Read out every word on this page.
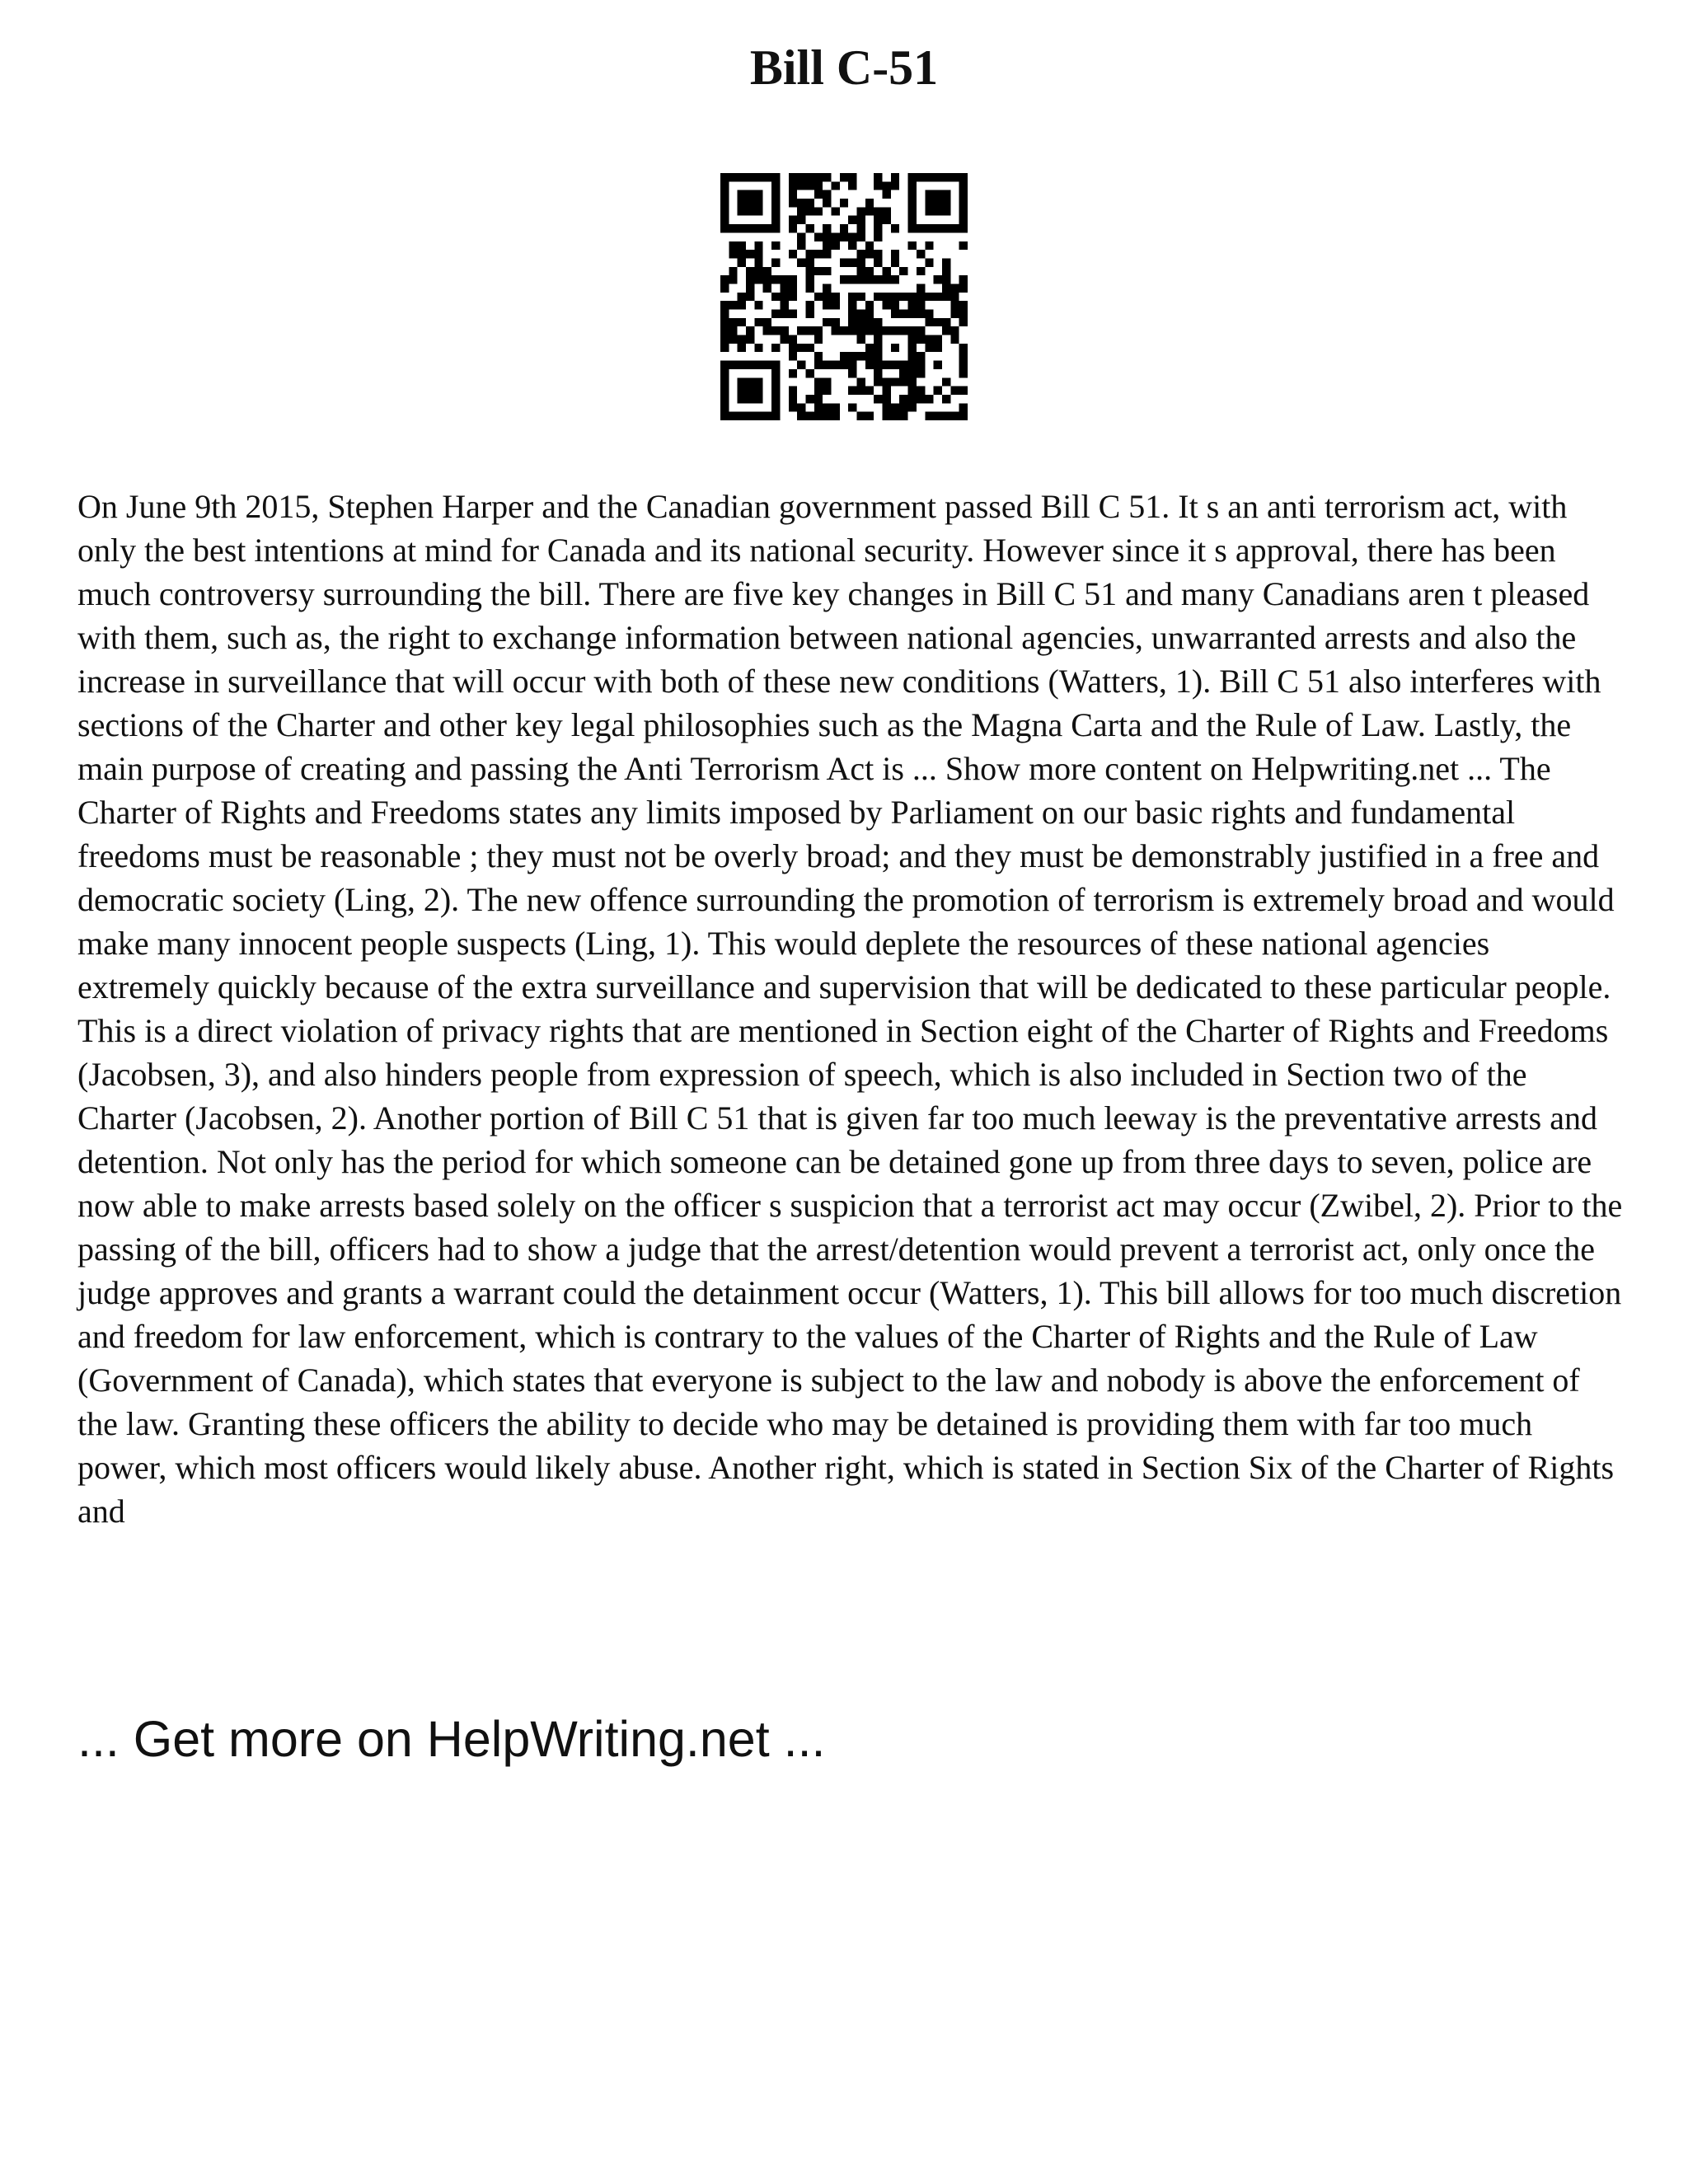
Bill C-51

On June 9th 2015, Stephen Harper and the Canadian government passed Bill C 51. It s an anti terrorism act, with only the best intentions at mind for Canada and its national security. However since it s approval, there has been much controversy surrounding the bill. There are five key changes in Bill C 51 and many Canadians aren t pleased with them, such as, the right to exchange information between national agencies, unwarranted arrests and also the increase in surveillance that will occur with both of these new conditions (Watters, 1). Bill C 51 also interferes with sections of the Charter and other key legal philosophies such as the Magna Carta and the Rule of Law. Lastly, the main purpose of creating and passing the Anti Terrorism Act is ... Show more content on Helpwriting.net ... The Charter of Rights and Freedoms states any limits imposed by Parliament on our basic rights and fundamental freedoms must be reasonable ; they must not be overly broad; and they must be demonstrably justified in a free and democratic society (Ling, 2). The new offence surrounding the promotion of terrorism is extremely broad and would make many innocent people suspects (Ling, 1). This would deplete the resources of these national agencies extremely quickly because of the extra surveillance and supervision that will be dedicated to these particular people. This is a direct violation of privacy rights that are mentioned in Section eight of the Charter of Rights and Freedoms (Jacobsen, 3), and also hinders people from expression of speech, which is also included in Section two of the Charter (Jacobsen, 2). Another portion of Bill C 51 that is given far too much leeway is the preventative arrests and detention. Not only has the period for which someone can be detained gone up from three days to seven, police are now able to make arrests based solely on the officer s suspicion that a terrorist act may occur (Zwibel, 2). Prior to the passing of the bill, officers had to show a judge that the arrest/detention would prevent a terrorist act, only once the judge approves and grants a warrant could the detainment occur (Watters, 1). This bill allows for too much discretion and freedom for law enforcement, which is contrary to the values of the Charter of Rights and the Rule of Law (Government of Canada), which states that everyone is subject to the law and nobody is above the enforcement of the law. Granting these officers the ability to decide who may be detained is providing them with far too much power, which most officers would likely abuse. Another right, which is stated in Section Six of the Charter of Rights and

... Get more on HelpWriting.net ...
